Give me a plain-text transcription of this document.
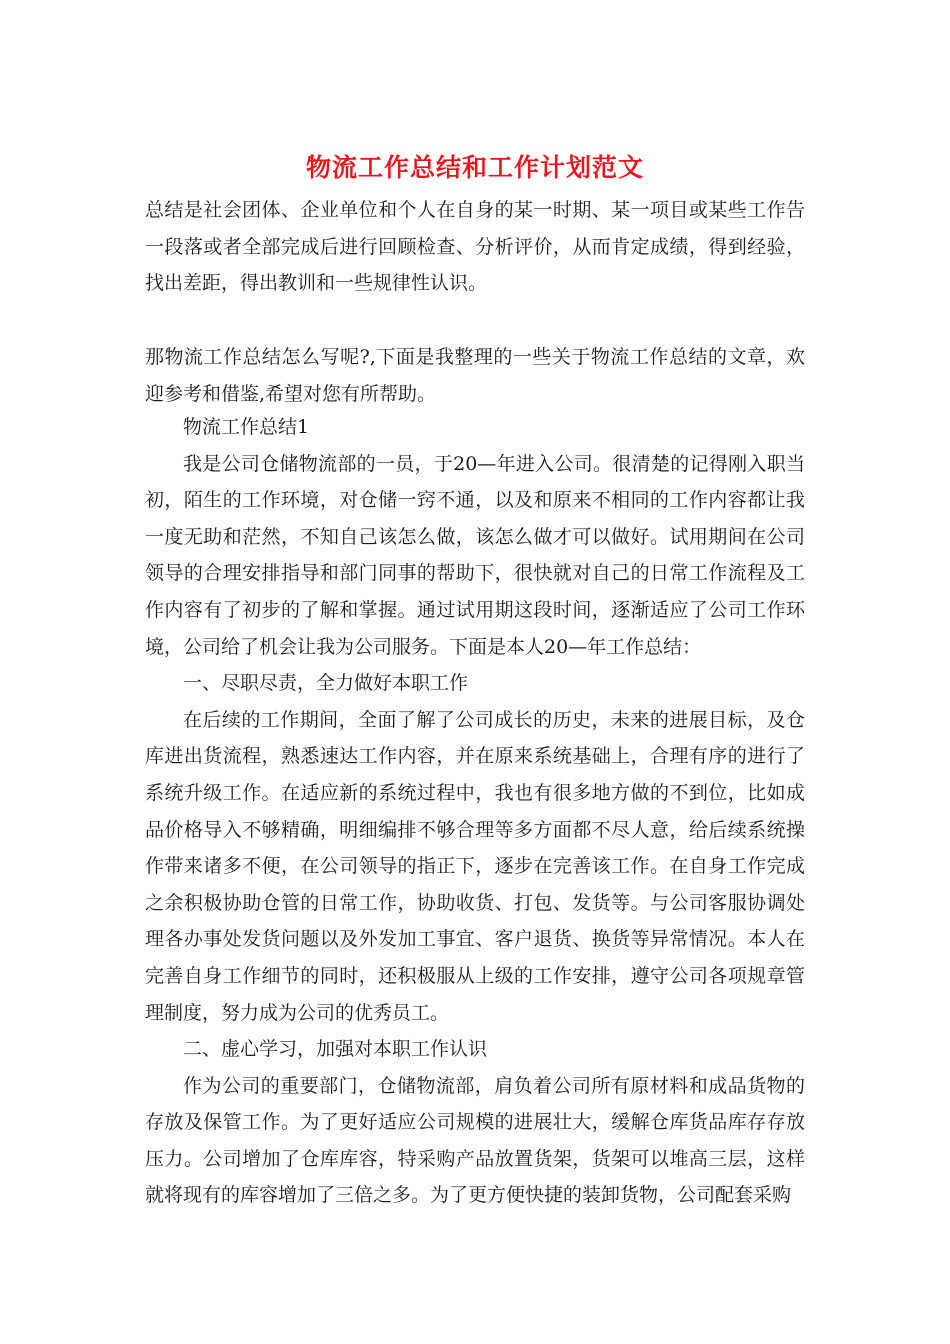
物流工作总结和工作计划范文

总结是社会团体、企业单位和个人在自身的某一时期、某一项目或某些工作告一段落或者全部完成后进行回顾检查、分析评价，从而肯定成绩，得到经验，找出差距，得出教训和一些规律性认识。

那物流工作总结怎么写呢?,下面是我整理的一些关于物流工作总结的文章，欢迎参考和借鉴,希望对您有所帮助。

物流工作总结1

我是公司仓储物流部的一员，于20—年进入公司。很清楚的记得刚入职当初，陌生的工作环境，对仓储一窍不通，以及和原来不相同的工作内容都让我一度无助和茫然，不知自己该怎么做，该怎么做才可以做好。试用期间在公司领导的合理安排指导和部门同事的帮助下，很快就对自己的日常工作流程及工作内容有了初步的了解和掌握。通过试用期这段时间，逐渐适应了公司工作环境，公司给了机会让我为公司服务。下面是本人20—年工作总结：

一、尽职尽责，全力做好本职工作

在后续的工作期间，全面了解了公司成长的历史，未来的进展目标，及仓库进出货流程，熟悉速达工作内容，并在原来系统基础上，合理有序的进行了系统升级工作。在适应新的系统过程中，我也有很多地方做的不到位，比如成品价格导入不够精确，明细编排不够合理等多方面都不尽人意，给后续系统操作带来诸多不便，在公司领导的指正下，逐步在完善该工作。在自身工作完成之余积极协助仓管的日常工作，协助收货、打包、发货等。与公司客服协调处理各办事处发货问题以及外发加工事宜、客户退货、换货等异常情况。本人在完善自身工作细节的同时，还积极服从上级的工作安排，遵守公司各项规章管理制度，努力成为公司的优秀员工。

二、虚心学习，加强对本职工作认识

作为公司的重要部门，仓储物流部，肩负着公司所有原材料和成品货物的存放及保管工作。为了更好适应公司规模的进展壮大，缓解仓库货品库存存放压力。公司增加了仓库库容，特采购产品放置货架，货架可以堆高三层，这样就将现有的库容增加了三倍之多。为了更方便快捷的装卸货物，公司配套采购
